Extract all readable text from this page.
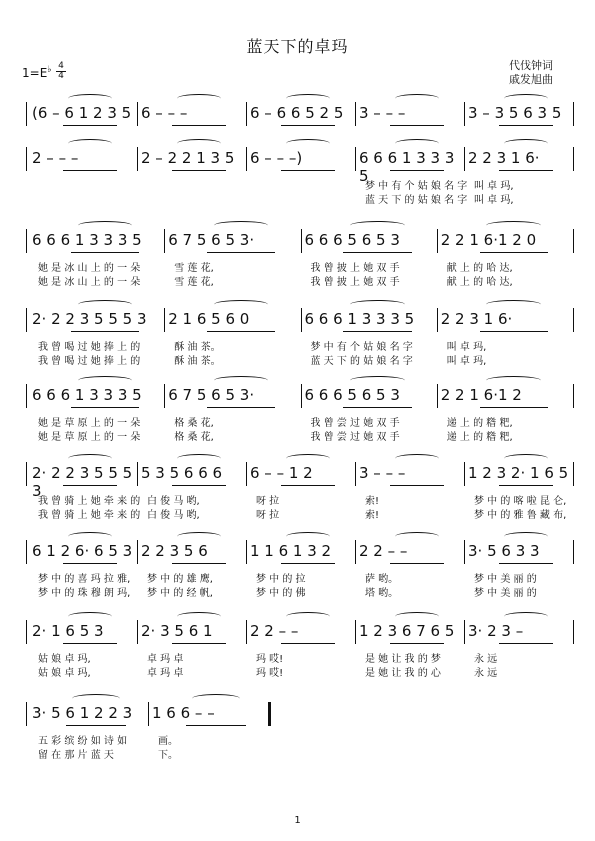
蓝天下的卓玛
代伐钟词
戚发旭曲
1=E♭ 4
4
(6 – 6 1 2 3 5 6 – – –	6 – 6 6 5 2 5	3 – – –	3 – 3 5 6 3 5
2 – – –	2 – 2 2 1 3 5	6 – – –)	6 6 6 1 3 3 3 5
2 2 3 1 6·
梦 中 有 个 姑 娘 名 字 叫 卓 玛,
蓝 天 下 的 姑 娘 名 字 叫 卓 玛,
6 6 6 1 3 3 3 5	6 7 5 6 5 3·	6 6 6 5 6 5 3	2 2 1 6·1 2 0
她 是 冰 山 上 的 一 朵	雪 莲 花,	我 曾 披 上 她 双 手	献 上 的 哈 达,
她 是 冰 山 上 的 一 朵	雪 莲 花,	我 曾 披 上 她 双 手	献 上 的 哈 达,
2· 2 2 3 5 5 5 3	2 1 6 5 6 0	6 6 6 1 3 3 3 5	2 2 3 1 6·
我 曾 喝 过 她 捧 上 的	酥 油 茶。	梦 中 有 个 姑 娘 名 字	叫 卓 玛,
我 曾 喝 过 她 捧 上 的	酥 油 茶。	蓝 天 下 的 姑 娘 名 字	叫 卓 玛,
6 6 6 1 3 3 3 5	6 7 5 6 5 3·	6 6 6 5 6 5 3	2 2 1 6·1 2
她 是 草 原 上 的 一 朵	格 桑 花,	我 曾 尝 过 她 双 手	递 上 的 糌 粑,
她 是 草 原 上 的 一 朵	格 桑 花,	我 曾 尝 过 她 双 手	递 上 的 糌 粑,
2· 2 2 3 5 5 5 3
5 3 5 6 6 6	6 – – 1 2	3 – – –	1 2 3 2· 1 6 5
我 曾 骑 上 她 牵 来 的 白 俊 马 哟,	呀 拉	索!	梦 中 的 喀 啦 昆 仑,
我 曾 骑 上 她 牵 来 的 白 俊 马 哟,	呀 拉	索!	梦 中 的 雅 鲁 藏 布,
6 1 2 6· 6 5 3 2 2 3 5 6	1 1 6 1 3 2	2 2 – –	3· 5 6 3 3
梦 中 的 喜 玛 拉 雅, 梦 中 的 雄 鹰,	梦 中 的 拉	萨 哟。	梦 中 美 丽 的
梦 中 的 珠 穆 朗 玛, 梦 中 的 经 帆,	梦 中 的 佛	塔 哟。	梦 中 美 丽 的
2· 1 6 5 3	2· 3 5 6 1	2 2 – –	1 2 3 6 7 6 5 3· 2 3 –
姑 娘 卓 玛,	卓 玛 卓	玛 哎!	是 她 让 我 的 梦	永 远
姑 娘 卓 玛,	卓 玛 卓	玛 哎!	是 她 让 我 的 心	永 远
3· 5 6 1 2 2 3	1 6 6 – –
五 彩 缤 纷 如 诗 如	画。
留 在 那 片 蓝 天	下。
1
